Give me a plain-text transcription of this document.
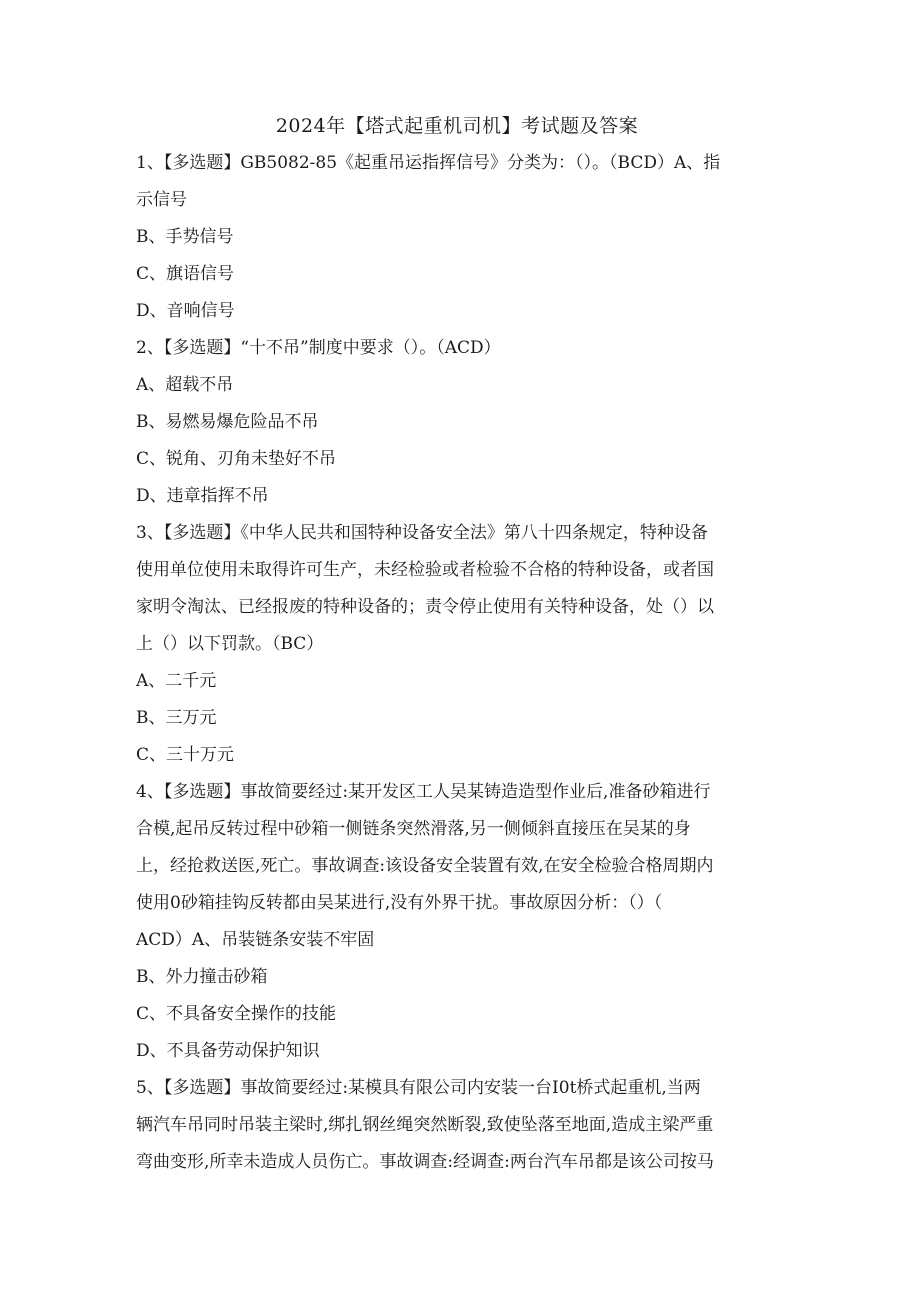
2024年【塔式起重机司机】考试题及答案

1、【多选题】GB5082-85《起重吊运指挥信号》分类为：（）。（BCD）A、指

示信号

B、手势信号

C、旗语信号

D、音响信号

2、【多选题】“十不吊”制度中要求（）。（ACD）

A、超载不吊

B、易燃易爆危险品不吊

C、锐角、刃角未垫好不吊

D、违章指挥不吊

3、【多选题】《中华人民共和国特种设备安全法》第八十四条规定，特种设备

使用单位使用未取得许可生产，未经检验或者检验不合格的特种设备，或者国

家明令淘汰、已经报废的特种设备的；责令停止使用有关特种设备，处（）以

上（）以下罚款。（BC）

A、二千元

B、三万元

C、三十万元

4、【多选题】事故简要经过:某开发区工人吴某铸造造型作业后,准备砂箱进行

合模,起吊反转过程中砂箱一侧链条突然滑落,另一侧倾斜直接压在吴某的身

上，经抢救送医,死亡。事故调查:该设备安全装置有效,在安全检验合格周期内

使用0砂箱挂钩反转都由吴某进行,没有外界干扰。事故原因分析：（）（

ACD）A、吊装链条安装不牢固

B、外力撞击砂箱

C、不具备安全操作的技能

D、不具备劳动保护知识

5、【多选题】事故简要经过:某模具有限公司内安装一台I0t桥式起重机,当两

辆汽车吊同时吊装主梁时,绑扎钢丝绳突然断裂,致使坠落至地面,造成主梁严重

弯曲变形,所幸未造成人员伤亡。事故调查:经调查:两台汽车吊都是该公司按马
